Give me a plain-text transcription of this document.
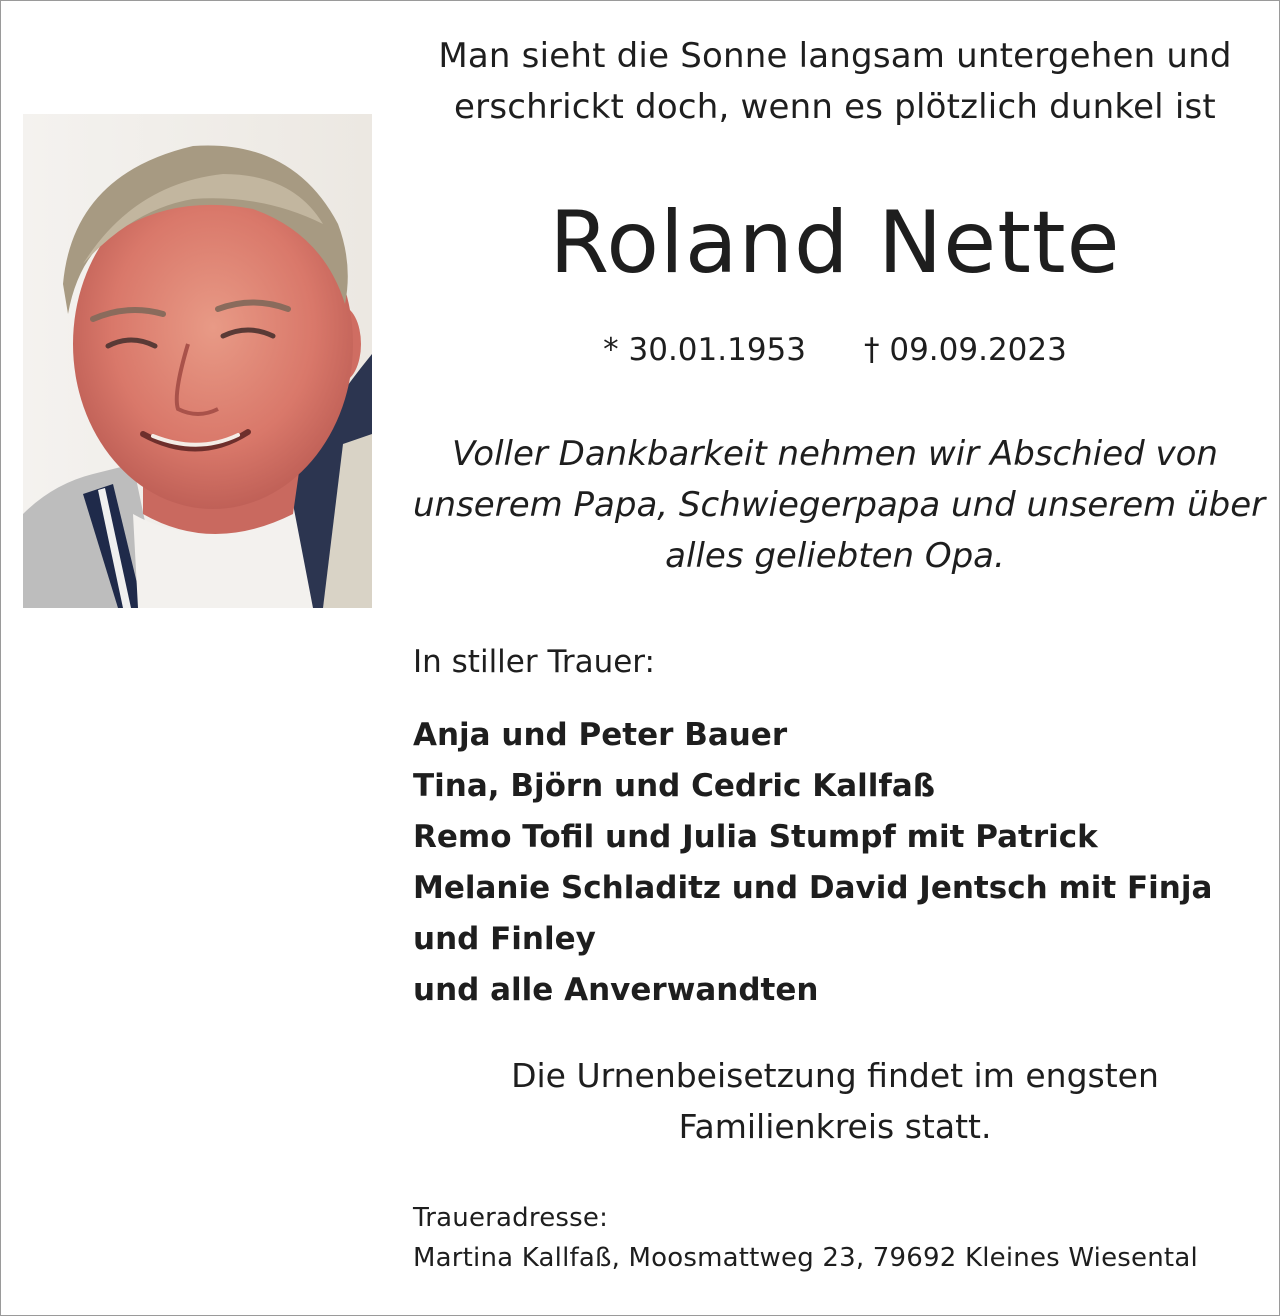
Man sieht die Sonne langsam untergehen und
erschrickt doch, wenn es plötzlich dunkel ist
Roland Nette
* 30.01.1953 † 09.09.2023
Voller Dankbarkeit nehmen wir Abschied von
unserem Papa, Schwiegerpapa und unserem über
alles geliebten Opa.
In stiller Trauer:
Anja und Peter Bauer
Tina, Björn und Cedric Kallfaß
Remo Tofil und Julia Stumpf mit Patrick
Melanie Schladitz und David Jentsch mit Finja
und Finley
und alle Anverwandten
Die Urnenbeisetzung findet im engsten
Familienkreis statt.
Traueradresse:
Martina Kallfaß, Moosmattweg 23, 79692 Kleines Wiesental
